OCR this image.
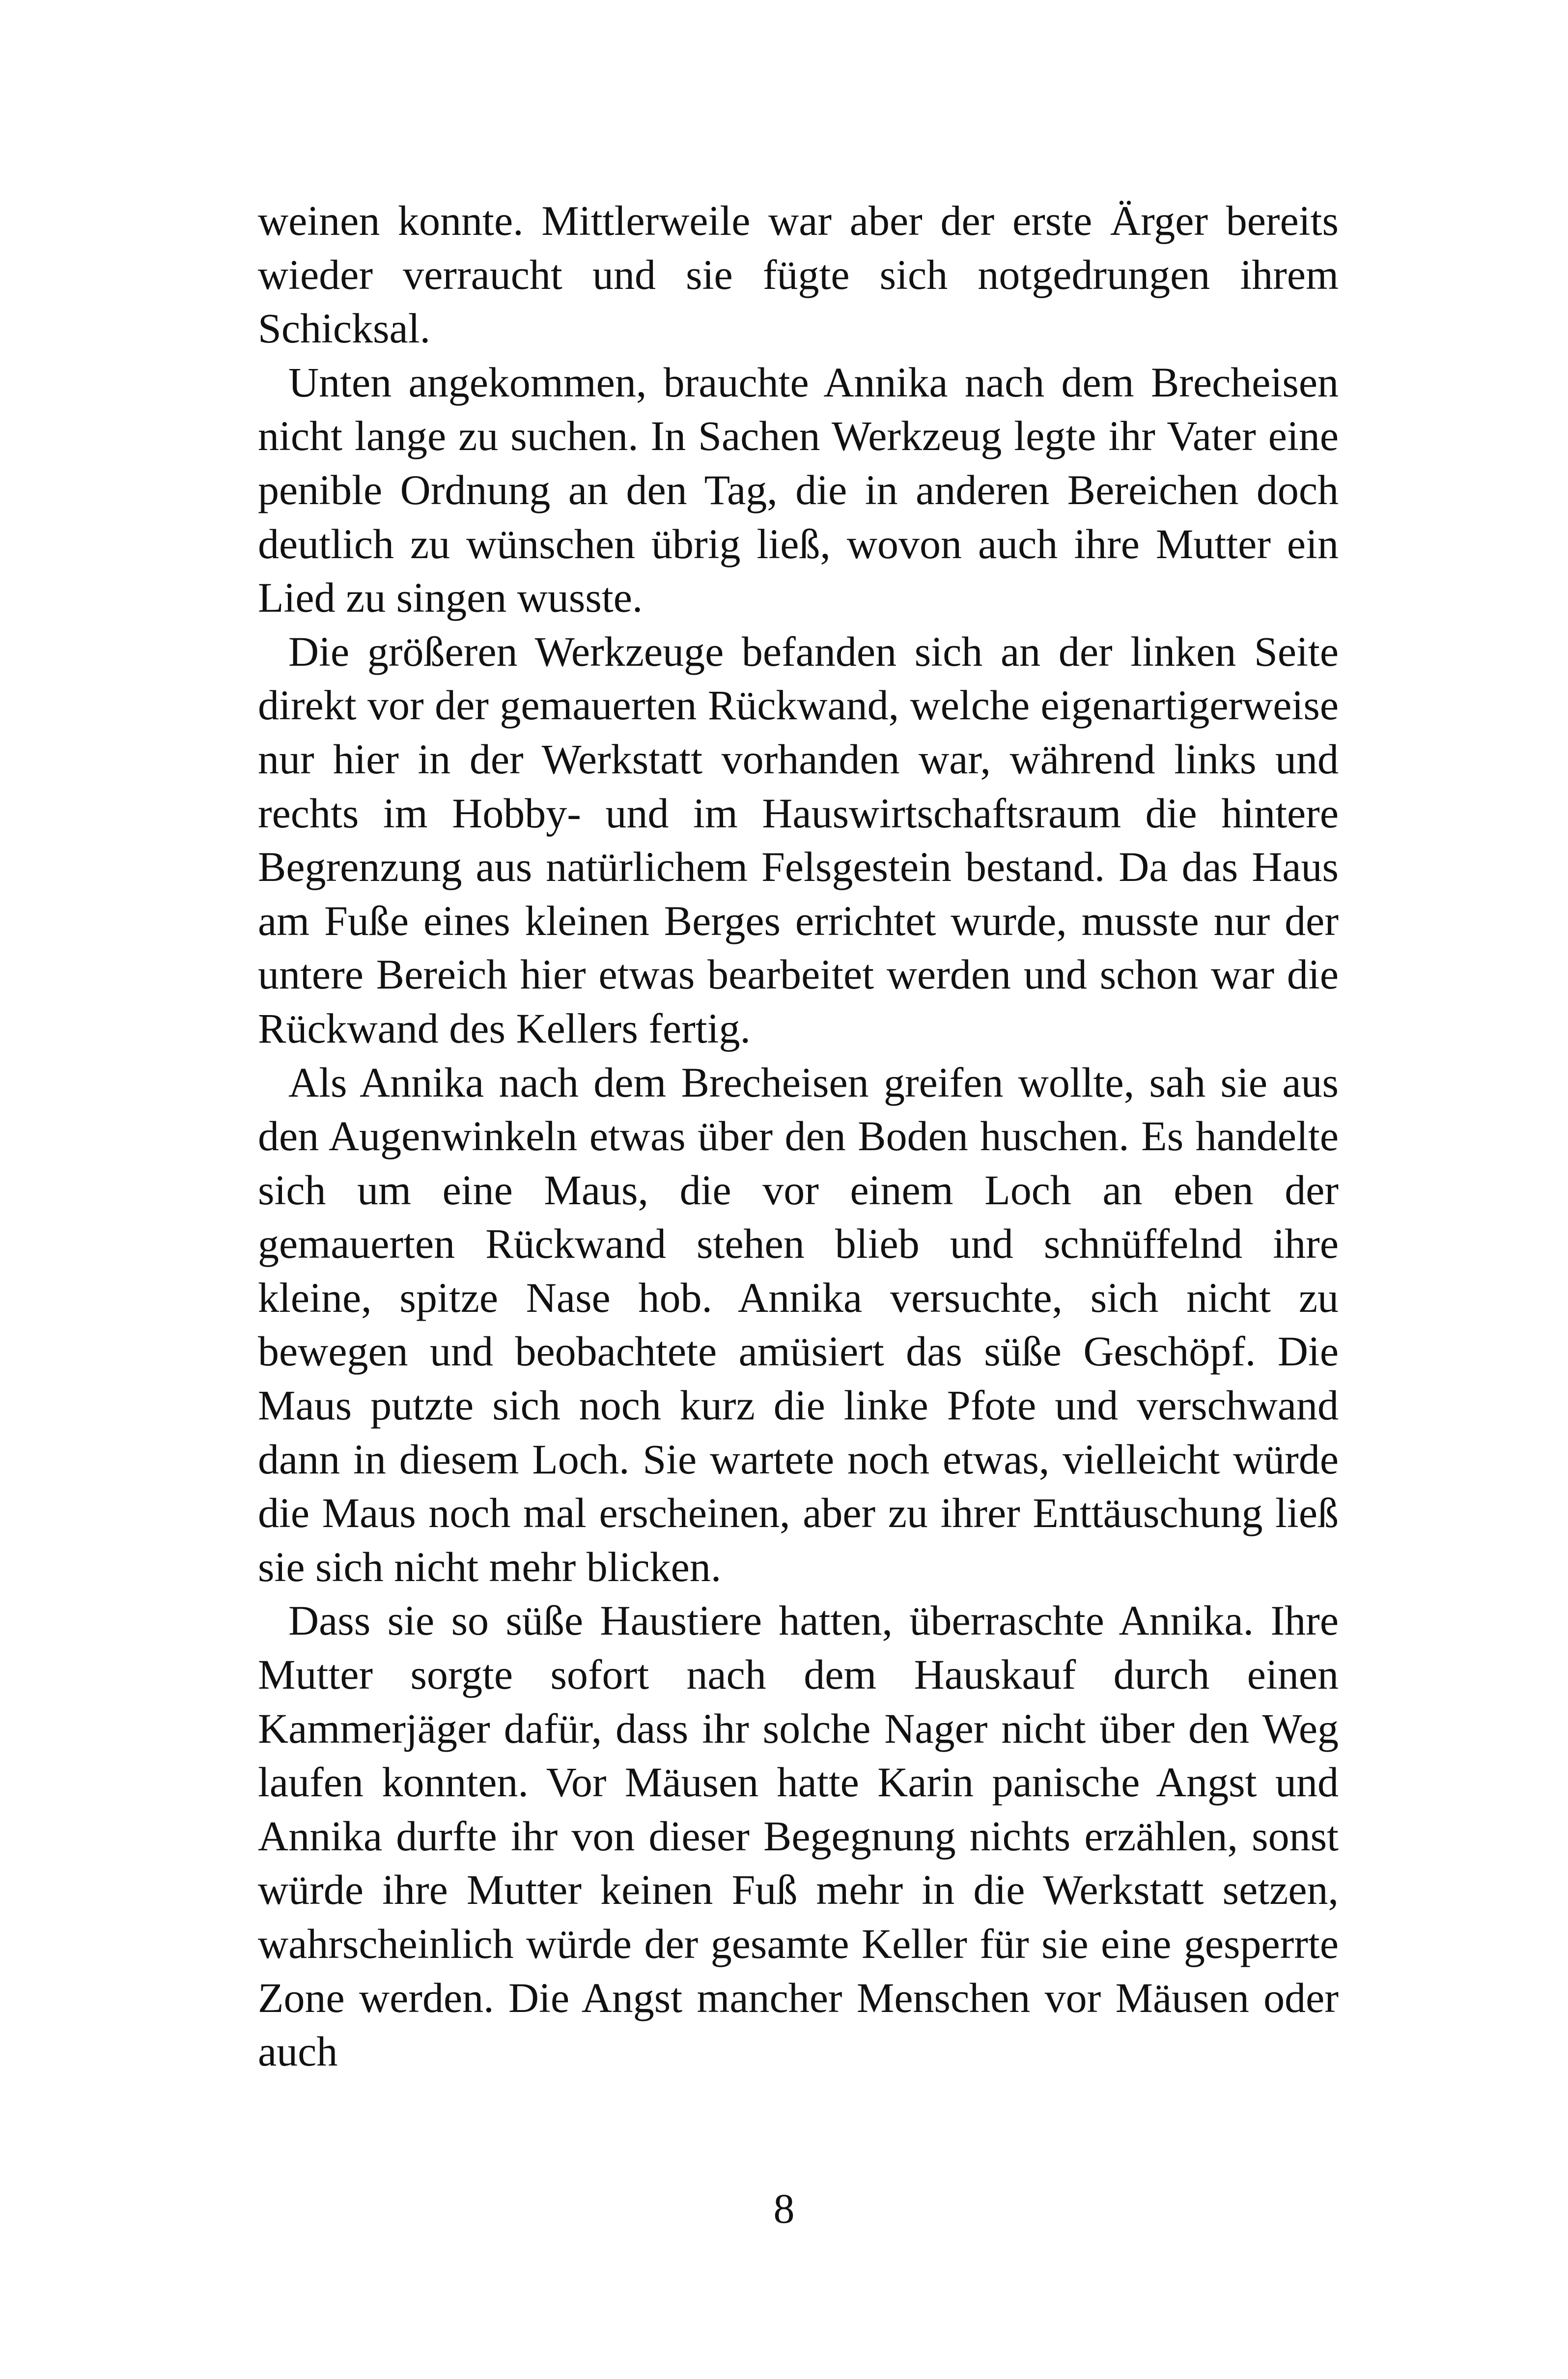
weinen konnte. Mittlerweile war aber der erste Ärger bereits wieder verraucht und sie fügte sich notgedrungen ihrem Schicksal.

Unten angekommen, brauchte Annika nach dem Brecheisen nicht lange zu suchen. In Sachen Werkzeug legte ihr Vater eine penible Ordnung an den Tag, die in anderen Bereichen doch deutlich zu wünschen übrig ließ, wovon auch ihre Mutter ein Lied zu singen wusste.

Die größeren Werkzeuge befanden sich an der linken Seite direkt vor der gemauerten Rückwand, welche eigenartigerweise nur hier in der Werkstatt vorhanden war, während links und rechts im Hobby- und im Hauswirtschaftsraum die hintere Begrenzung aus natürlichem Felsgestein bestand. Da das Haus am Fuße eines kleinen Berges errichtet wurde, musste nur der untere Bereich hier etwas bearbeitet werden und schon war die Rückwand des Kellers fertig.

Als Annika nach dem Brecheisen greifen wollte, sah sie aus den Augenwinkeln etwas über den Boden huschen. Es handelte sich um eine Maus, die vor einem Loch an eben der gemauerten Rückwand stehen blieb und schnüffelnd ihre kleine, spitze Nase hob. Annika versuchte, sich nicht zu bewegen und beobachtete amüsiert das süße Geschöpf. Die Maus putzte sich noch kurz die linke Pfote und verschwand dann in diesem Loch. Sie wartete noch etwas, vielleicht würde die Maus noch mal erscheinen, aber zu ihrer Enttäuschung ließ sie sich nicht mehr blicken.

Dass sie so süße Haustiere hatten, überraschte Annika. Ihre Mutter sorgte sofort nach dem Hauskauf durch einen Kammerjäger dafür, dass ihr solche Nager nicht über den Weg laufen konnten. Vor Mäusen hatte Karin panische Angst und Annika durfte ihr von dieser Begegnung nichts erzählen, sonst würde ihre Mutter keinen Fuß mehr in die Werkstatt setzen, wahrscheinlich würde der gesamte Keller für sie eine gesperrte Zone werden. Die Angst mancher Menschen vor Mäusen oder auch

8
